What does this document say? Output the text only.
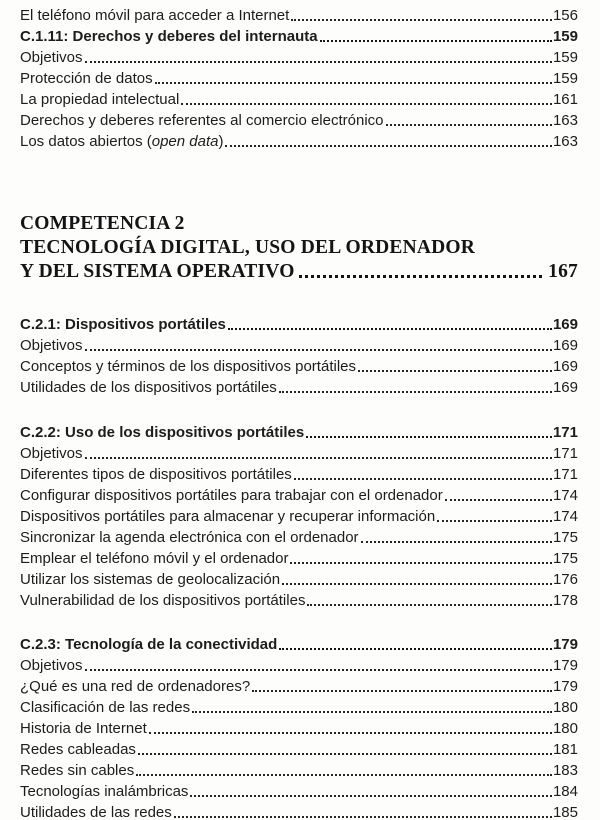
El teléfono móvil para acceder a Internet	156
C.1.11: Derechos y deberes del internauta	159
Objetivos	159
Protección de datos	159
La propiedad intelectual	161
Derechos y deberes referentes al comercio electrónico	163
Los datos abiertos ( open data )	163
COMPETENCIA 2
TECNOLOGÍA DIGITAL, USO DEL ORDENADOR
Y DEL SISTEMA OPERATIVO	167
C.2.1: Dispositivos portátiles	169
Objetivos	169
Conceptos y términos de los dispositivos portátiles	169
Utilidades de los dispositivos portátiles	169
C.2.2: Uso de los dispositivos portátiles	171
Objetivos	171
Diferentes tipos de dispositivos portátiles	171
Configurar dispositivos portátiles para trabajar con el ordenador	174
Dispositivos portátiles para almacenar y recuperar información	174
Sincronizar la agenda electrónica con el ordenador	175
Emplear el teléfono móvil y el ordenador	175
Utilizar los sistemas de geolocalización	176
Vulnerabilidad de los dispositivos portátiles	178
C.2.3: Tecnología de la conectividad	179
Objetivos	179
¿Qué es una red de ordenadores?	179
Clasificación de las redes	180
Historia de Internet	180
Redes cableadas	181
Redes sin cables	183
Tecnologías inalámbricas	184
Utilidades de las redes	185
